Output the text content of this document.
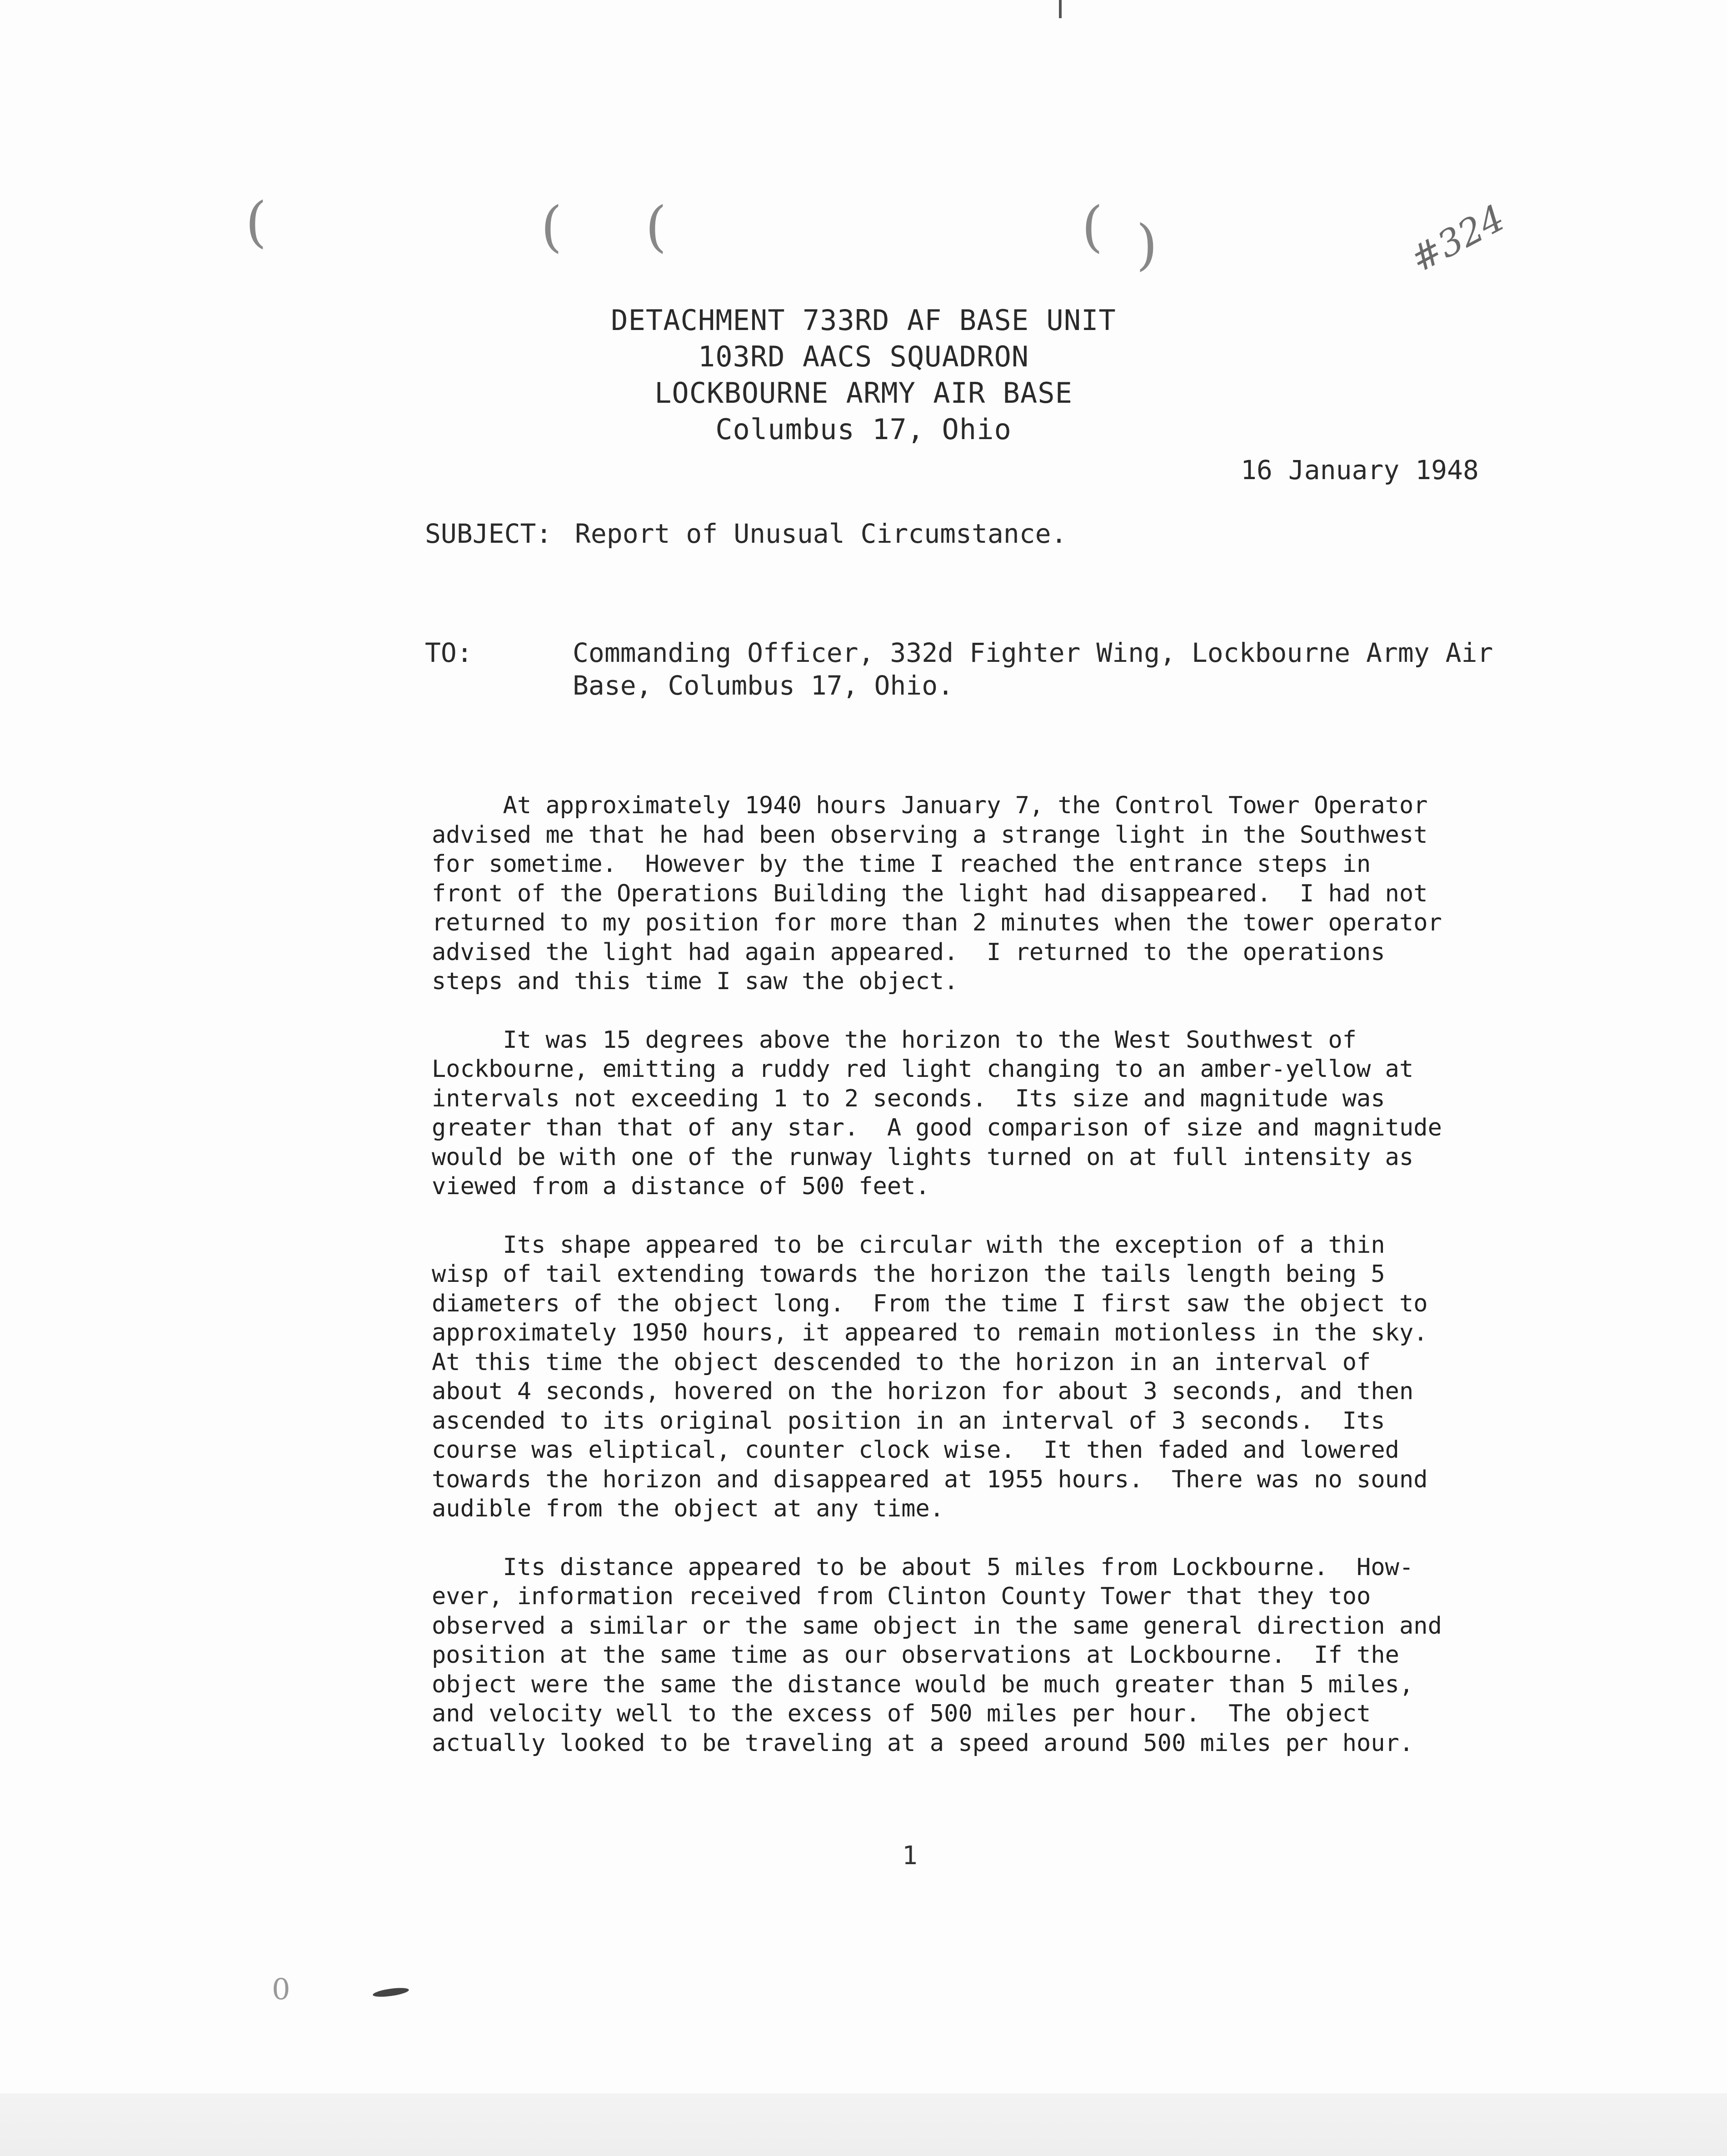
(	( (	( )	#324
DETACHMENT 733RD AF BASE UNIT
103RD AACS SQUADRON
LOCKBOURNE ARMY AIR BASE
Columbus 17, Ohio
16 January 1948
SUBJECT: Report of Unusual Circumstance.
TO:	Commanding Officer, 332d Fighter Wing, Lockbourne Army Air
Base, Columbus 17, Ohio.
At approximately 1940 hours January 7, the Control Tower Operator
advised me that he had been observing a strange light in the Southwest
for sometime.  However by the time I reached the entrance steps in
front of the Operations Building the light had disappeared.  I had not
returned to my position for more than 2 minutes when the tower operator
advised the light had again appeared.  I returned to the operations
steps and this time I saw the object.
It was 15 degrees above the horizon to the West Southwest of
Lockbourne, emitting a ruddy red light changing to an amber-yellow at
intervals not exceeding 1 to 2 seconds.  Its size and magnitude was
greater than that of any star.  A good comparison of size and magnitude
would be with one of the runway lights turned on at full intensity as
viewed from a distance of 500 feet.
Its shape appeared to be circular with the exception of a thin
wisp of tail extending towards the horizon the tails length being 5
diameters of the object long.  From the time I first saw the object to
approximately 1950 hours, it appeared to remain motionless in the sky.
At this time the object descended to the horizon in an interval of
about 4 seconds, hovered on the horizon for about 3 seconds, and then
ascended to its original position in an interval of 3 seconds.  Its
course was eliptical, counter clock wise.  It then faded and lowered
towards the horizon and disappeared at 1955 hours.  There was no sound
audible from the object at any time.
Its distance appeared to be about 5 miles from Lockbourne.  How-
ever, information received from Clinton County Tower that they too
observed a similar or the same object in the same general direction and
position at the same time as our observations at Lockbourne.  If the
object were the same the distance would be much greater than 5 miles,
and velocity well to the excess of 500 miles per hour.  The object
actually looked to be traveling at a speed around 500 miles per hour.
1
0
